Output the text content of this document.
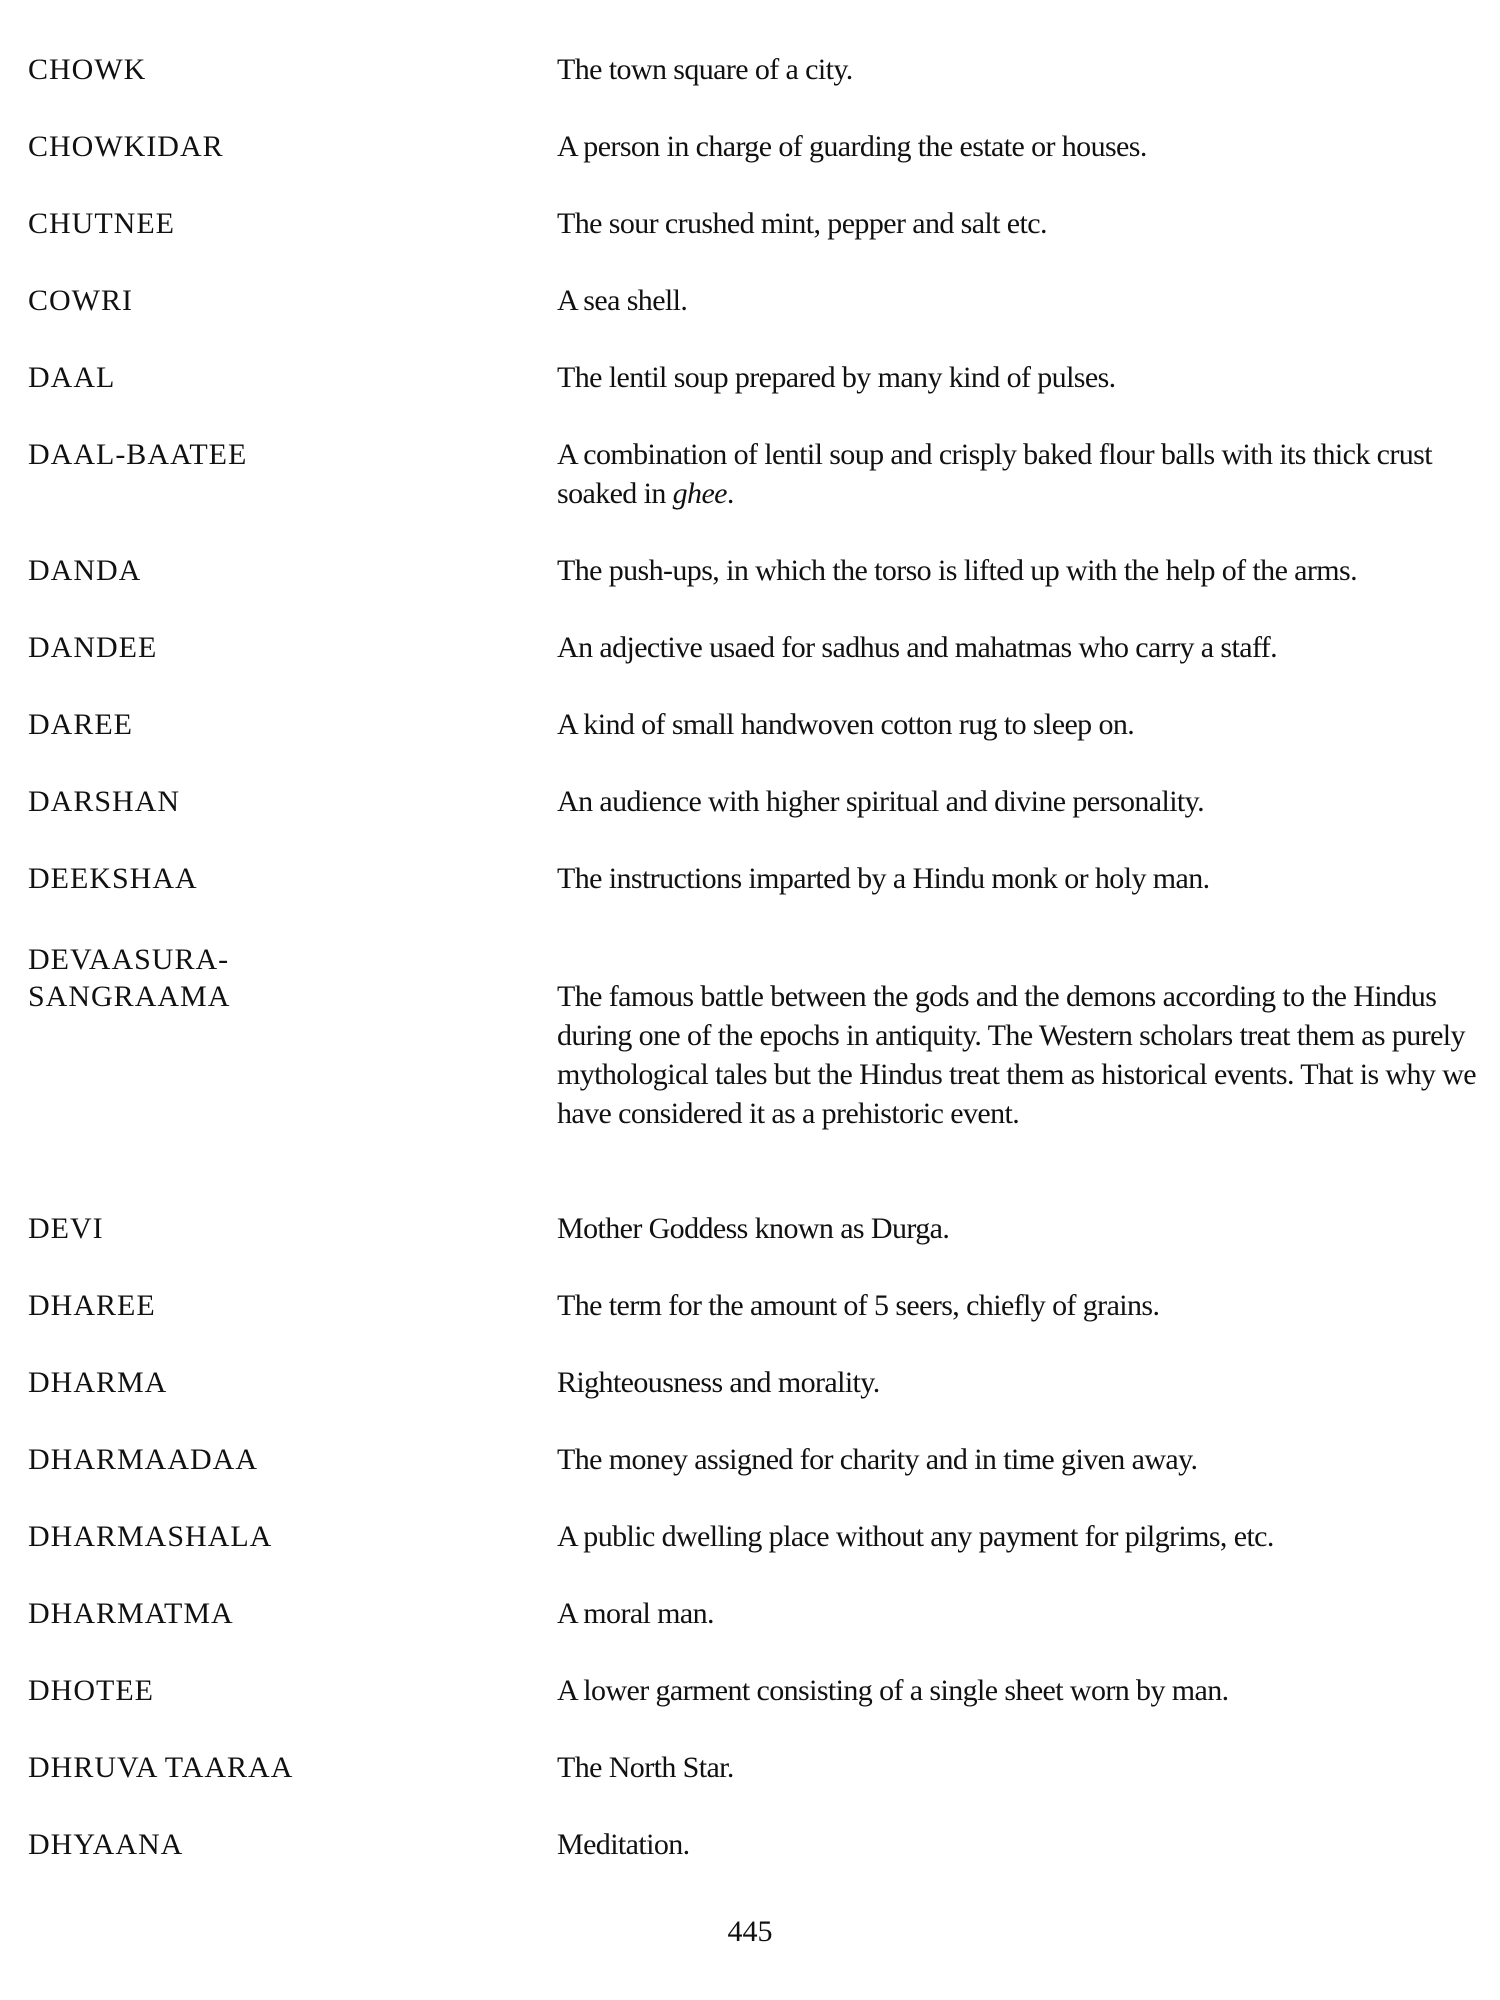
CHOWK	The town square of a city.
CHOWKIDAR	A person in charge of guarding the estate or houses.
CHUTNEE	The sour crushed mint, pepper and salt etc.
COWRI	A sea shell.
DAAL	The lentil soup prepared by many kind of pulses.
DAAL-BAATEE	A combination of lentil soup and crisply baked flour balls with its thick crust soaked in ghee.
DANDA	The push-ups, in which the torso is lifted up with the help of the arms.
DANDEE	An adjective usaed for sadhus and mahatmas who carry a staff.
DAREE	A kind of small handwoven cotton rug to sleep on.
DARSHAN	An audience with higher spiritual and divine personality.
DEEKSHAA	The instructions imparted by a Hindu monk or holy man.
DEVAASURA-
SANGRAAMA	The famous battle between the gods and the demons according to the Hindus during one of the epochs in antiquity. The Western scholars treat them as purely mythological tales but the Hindus treat them as historical events. That is why we have considered it as a prehistoric event.
DEVI	Mother Goddess known as Durga.
DHAREE	The term for the amount of 5 seers, chiefly of grains.
DHARMA	Righteousness and morality.
DHARMAADAA	The money assigned for charity and in time given away.
DHARMASHALA	A public dwelling place without any payment for pilgrims, etc.
DHARMATMA	A moral man.
DHOTEE	A lower garment consisting of a single sheet worn by man.
DHRUVA TAARAA	The North Star.
DHYAANA	Meditation.
445
